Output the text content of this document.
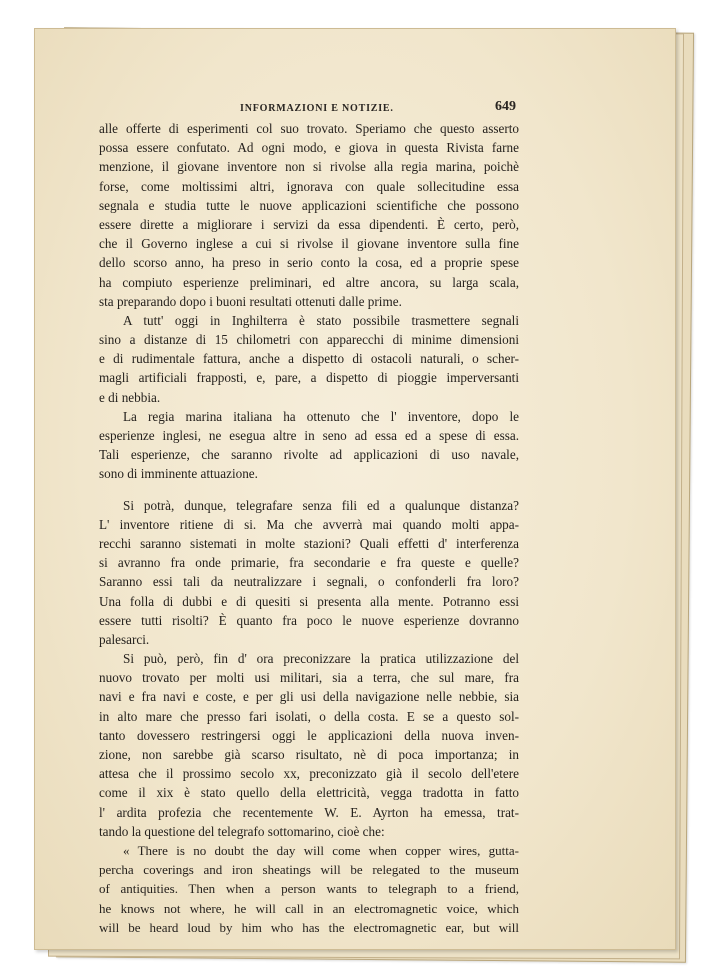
INFORMAZIONI E NOTIZIE.	649
alle offerte di esperimenti col suo trovato. Speriamo che questo asserto
possa essere confutato. Ad ogni modo, e giova in questa Rivista farne
menzione, il giovane inventore non si rivolse alla regia marina, poichè
forse, come moltissimi altri, ignorava con quale sollecitudine essa
segnala e studia tutte le nuove applicazioni scientifiche che possono
essere dirette a migliorare i servizi da essa dipendenti. È certo, però,
che il Governo inglese a cui si rivolse il giovane inventore sulla fine
dello scorso anno, ha preso in serio conto la cosa, ed a proprie spese
ha compiuto esperienze preliminari, ed altre ancora, su larga scala,
sta preparando dopo i buoni resultati ottenuti dalle prime.
A tutt' oggi in Inghilterra è stato possibile trasmettere segnali
sino a distanze di 15 chilometri con apparecchi di minime dimensioni
e di rudimentale fattura, anche a dispetto di ostacoli naturali, o scher-
magli artificiali frapposti, e, pare, a dispetto di pioggie imperversanti
e di nebbia.
La regia marina italiana ha ottenuto che l' inventore, dopo le
esperienze inglesi, ne esegua altre in seno ad essa ed a spese di essa.
Tali esperienze, che saranno rivolte ad applicazioni di uso navale,
sono di imminente attuazione.
Si potrà, dunque, telegrafare senza fili ed a qualunque distanza?
L' inventore ritiene di si. Ma che avverrà mai quando molti appa-
recchi saranno sistemati in molte stazioni? Quali effetti d' interferenza
si avranno fra onde primarie, fra secondarie e fra queste e quelle?
Saranno essi tali da neutralizzare i segnali, o confonderli fra loro?
Una folla di dubbi e di quesiti si presenta alla mente. Potranno essi
essere tutti risolti? È quanto fra poco le nuove esperienze dovranno
palesarci.
Si può, però, fin d' ora preconizzare la pratica utilizzazione del
nuovo trovato per molti usi militari, sia a terra, che sul mare, fra
navi e fra navi e coste, e per gli usi della navigazione nelle nebbie, sia
in alto mare che presso fari isolati, o della costa. E se a questo sol-
tanto dovessero restringersi oggi le applicazioni della nuova inven-
zione, non sarebbe già scarso risultato, nè di poca importanza; in
attesa che il prossimo secolo xx, preconizzato già il secolo dell'etere
come il xix è stato quello della elettricità, vegga tradotta in fatto
l' ardita profezia che recentemente W. E. Ayrton ha emessa, trat-
tando la questione del telegrafo sottomarino, cioè che:
« There is no doubt the day will come when copper wires, gutta-
percha coverings and iron sheatings will be relegated to the museum
of antiquities. Then when a person wants to telegraph to a friend,
he knows not where, he will call in an electromagnetic voice, which
will be heard loud by him who has the electromagnetic ear, but will
